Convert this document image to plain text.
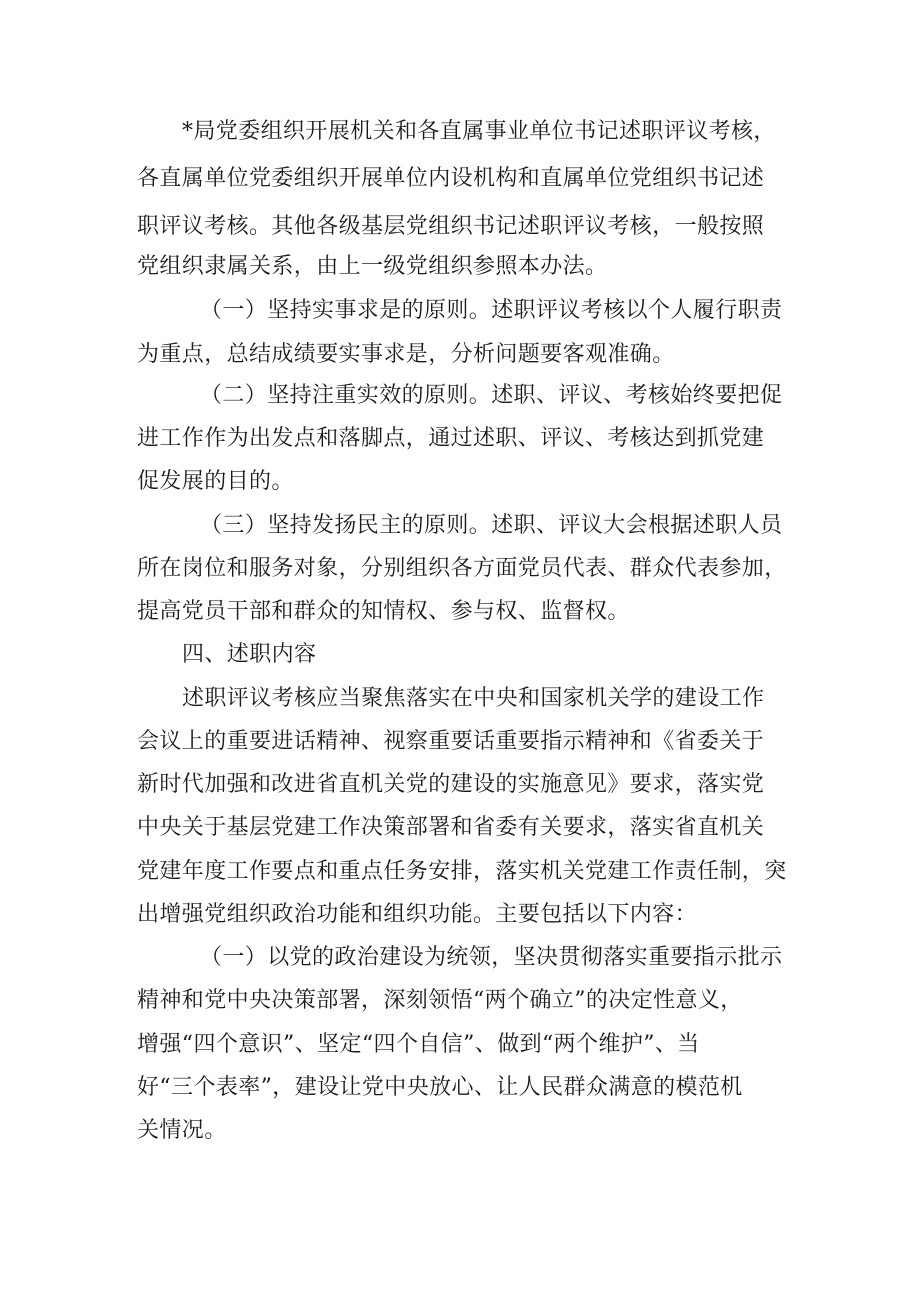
*局党委组织开展机关和各直属事业单位书记述职评议考核，
各直属单位党委组织开展单位内设机构和直属单位党组织书记述
职评议考核。其他各级基层党组织书记述职评议考核，一般按照
党组织隶属关系，由上一级党组织参照本办法。
（一）坚持实事求是的原则。述职评议考核以个人履行职责
为重点，总结成绩要实事求是，分析问题要客观准确。
（二）坚持注重实效的原则。述职、评议、考核始终要把促
进工作作为出发点和落脚点，通过述职、评议、考核达到抓党建
促发展的目的。
（三）坚持发扬民主的原则。述职、评议大会根据述职人员
所在岗位和服务对象，分别组织各方面党员代表、群众代表参加，
提高党员干部和群众的知情权、参与权、监督权。
四、述职内容
述职评议考核应当聚焦落实在中央和国家机关学的建设工作
会议上的重要进话精神、视察重要话重要指示精神和《省委关于
新时代加强和改进省直机关党的建设的实施意见》要求，落实党
中央关于基层党建工作决策部署和省委有关要求，落实省直机关
党建年度工作要点和重点任务安排，落实机关党建工作责任制，突
出增强党组织政治功能和组织功能。主要包括以下内容：
（一）以党的政治建设为统领，坚决贯彻落实重要指示批示
精神和党中央决策部署，深刻领悟“两个确立”的决定性意义，
增强“四个意识”、坚定“四个自信”、做到“两个维护”、当
好“三个表率”，建设让党中央放心、让人民群众满意的模范机
关情况。
